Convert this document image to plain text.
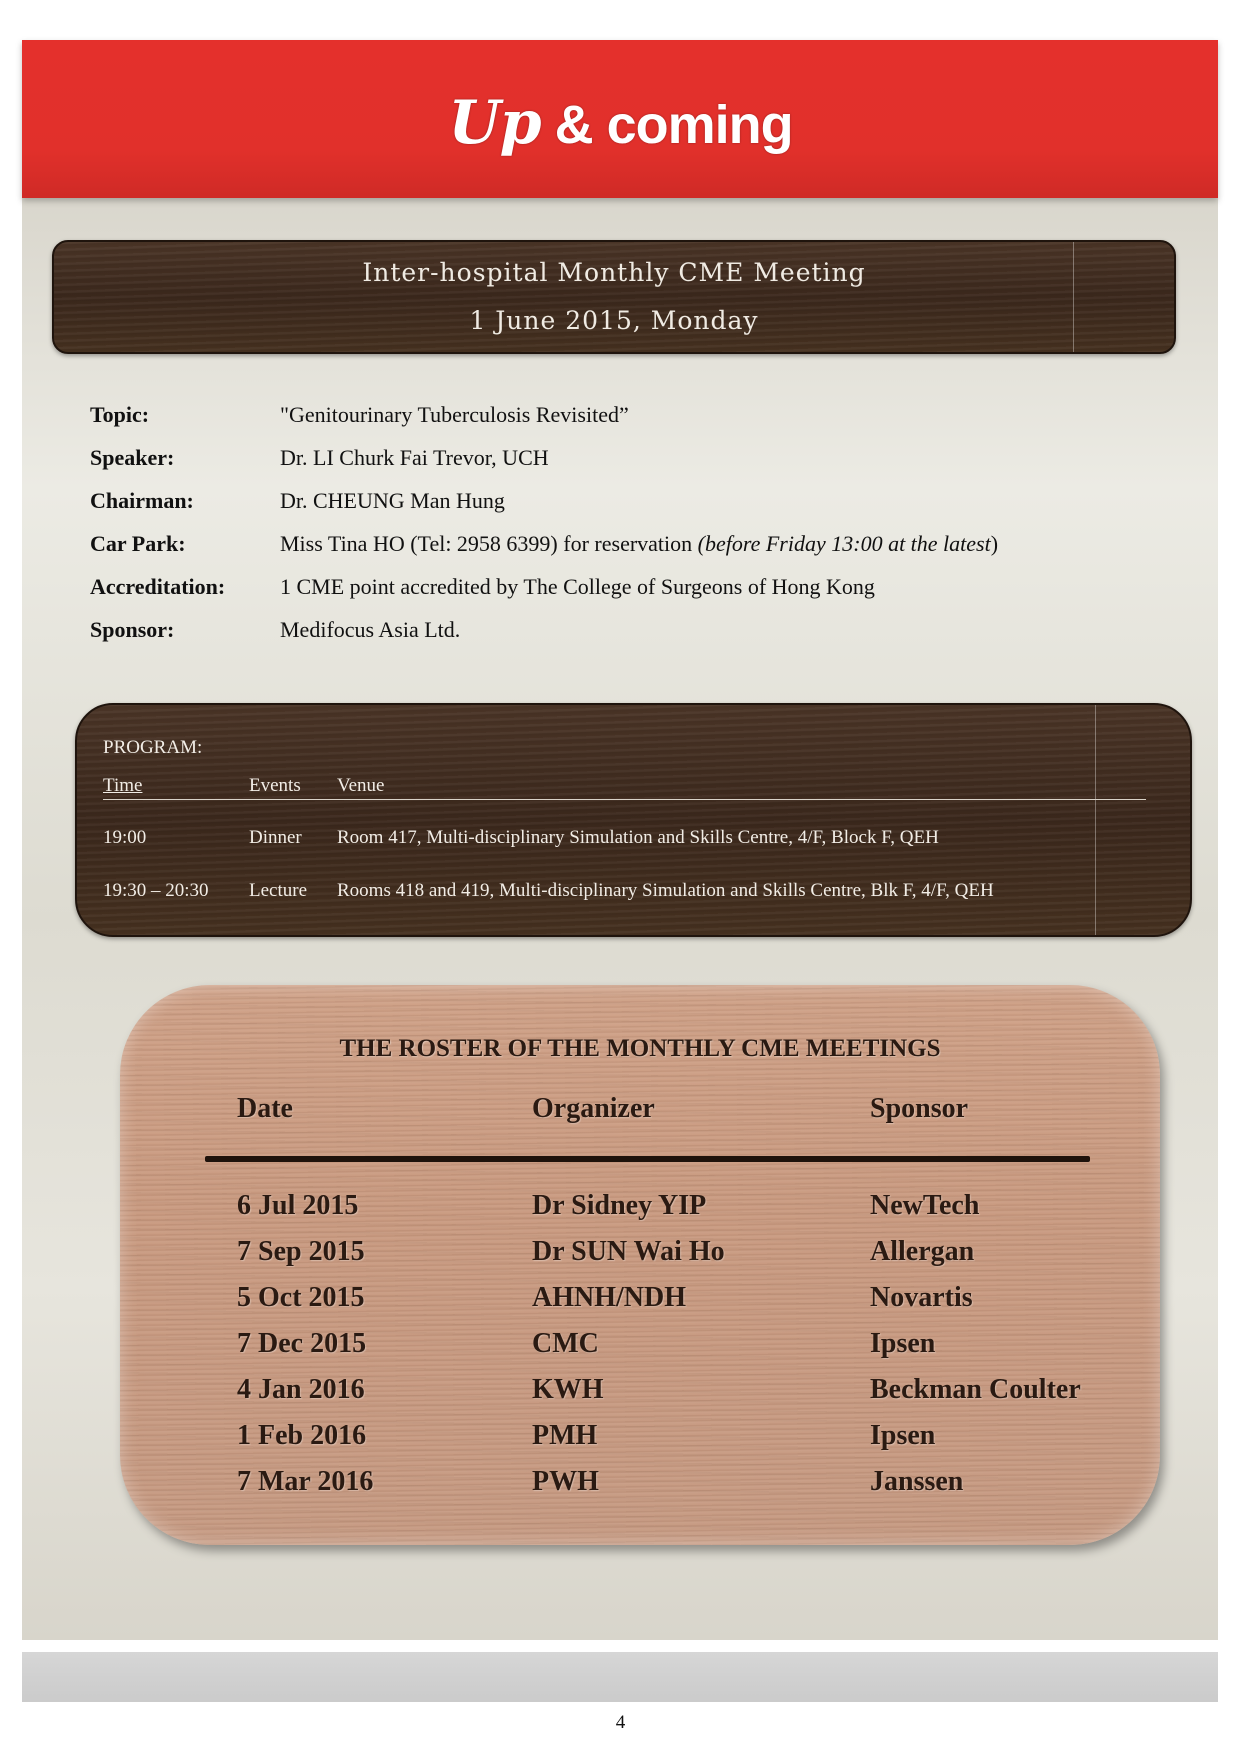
Up & coming
Inter-hospital Monthly CME Meeting
1 June 2015, Monday
Topic:	"Genitourinary Tuberculosis Revisited”
Speaker:	Dr. LI Churk Fai Trevor, UCH
Chairman:	Dr. CHEUNG Man Hung
Car Park:	Miss Tina HO (Tel: 2958 6399) for reservation (before Friday 13:00 at the latest)
Accreditation: 1 CME point accredited by The College of Surgeons of Hong Kong
Sponsor:	Medifocus Asia Ltd.
PROGRAM:
Time	Events Venue
19:00	Dinner Room 417, Multi-disciplinary Simulation and Skills Centre, 4/F, Block F, QEH
19:30 – 20:30 Lecture Rooms 418 and 419, Multi-disciplinary Simulation and Skills Centre, Blk F, 4/F, QEH
THE ROSTER OF THE MONTHLY CME MEETINGS
Date	Organizer	Sponsor
6 Jul 2015	Dr Sidney YIP	NewTech
7 Sep 2015	Dr SUN Wai Ho	Allergan
5 Oct 2015	AHNH/NDH	Novartis
7 Dec 2015	CMC	Ipsen
4 Jan 2016	KWH	Beckman Coulter
1 Feb 2016	PMH	Ipsen
7 Mar 2016	PWH	Janssen
4
